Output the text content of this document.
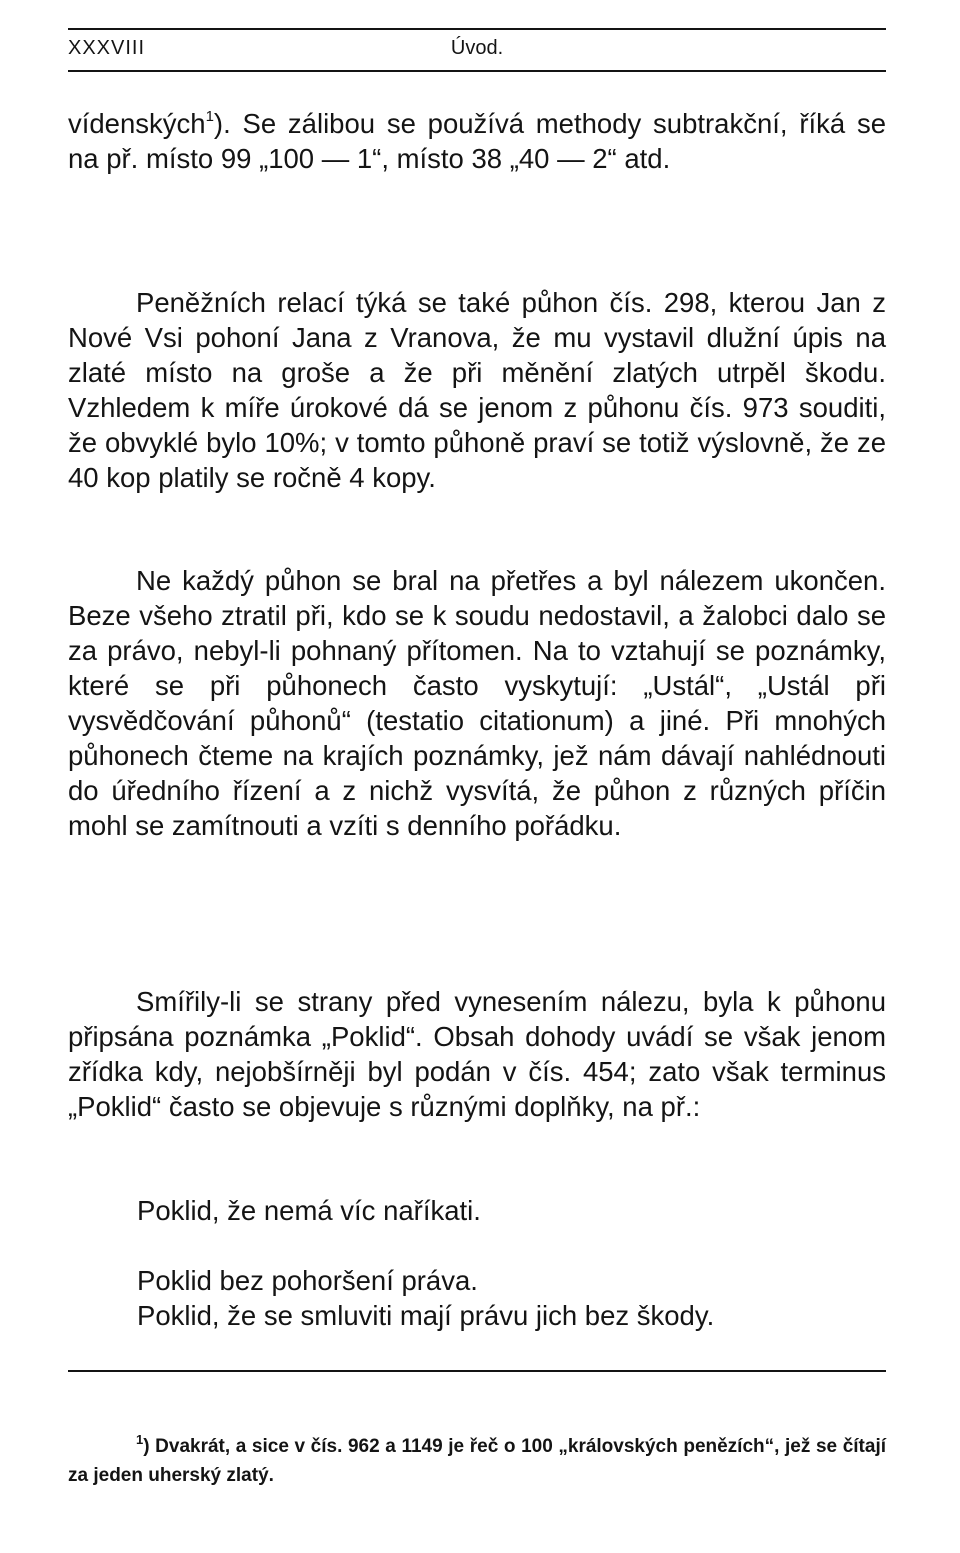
XXXVIII	Úvod.

vídenských$^1$). Se zálibou se používá methody subtrakční, říká se na př. místo 99 „100 — 1“, místo 38 „40 — 2“ atd.

Peněžních relací týká se také půhon čís. 298, kterou Jan z Nové Vsi pohoní Jana z Vranova, že mu vystavil dlužní úpis na zlaté místo na groše a že při měnění zlatých utrpěl škodu. Vzhledem k míře úrokové dá se jenom z půhonu čís. 973 souditi, že obvyklé bylo 10%; v tomto půhoně praví se totiž výslovně, že ze 40 kop platily se ročně 4 kopy.

Ne každý půhon se bral na přetřes a byl nálezem ukončen. Beze všeho ztratil při, kdo se k soudu nedostavil, a žalobci dalo se za právo, nebyl-li pohnaný přítomen. Na to vztahují se poznámky, které se při půhonech často vyskytují: „Ustál“, „Ustál při vysvědčování půhonů“ (testatio citationum) a jiné. Při mnohých půhonech čteme na krajích poznámky, jež nám dávají nahlédnouti do úředního řízení a z nichž vysvítá, že půhon z různých příčin mohl se zamítnouti a vzíti s denního pořádku.

Smířily-li se strany před vynesením nálezu, byla k půhonu připsána poznámka „Poklid“. Obsah dohody uvádí se však jenom zřídka kdy, nejobšírněji byl podán v čís. 454; zato však terminus „Poklid“ často se objevuje s různými doplňky, na př.:

Poklid, že nemá víc naříkati.
Poklid bez pohoršení práva.
Poklid, že se smluviti mají právu jich bez škody.

$^1$) Dvakrát, a sice v čís. 962 a 1149 je řeč o 100 „královských penězích“, jež se čítají za jeden uherský zlatý.
